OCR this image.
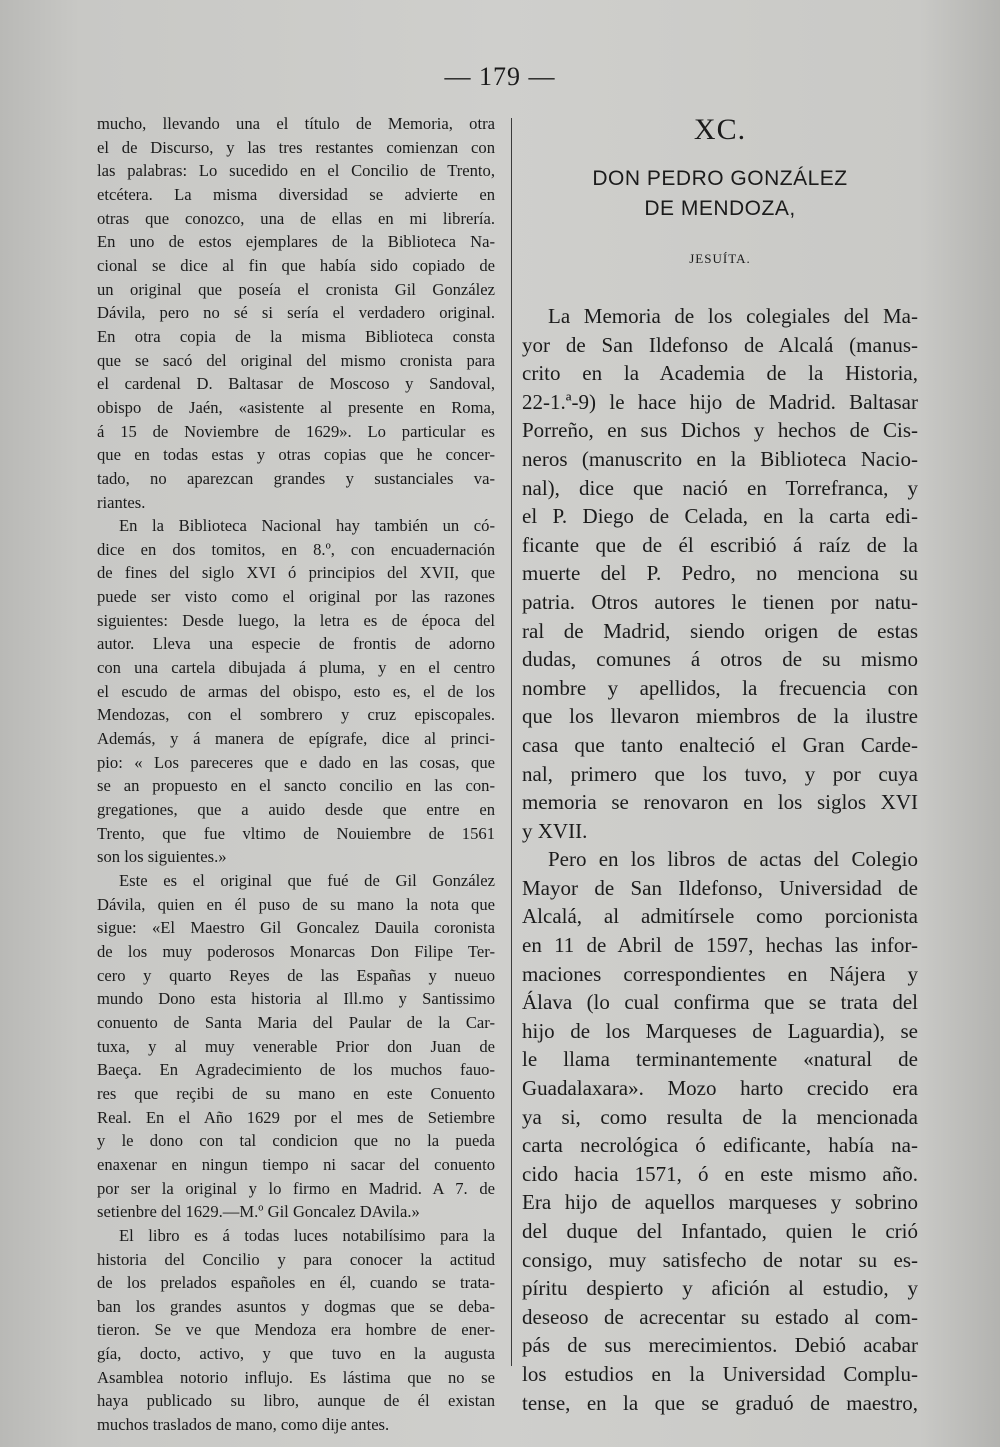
— 179 —
mucho, llevando una el título de Memoria, otra
el de Discurso, y las tres restantes comienzan con
las palabras: Lo sucedido en el Concilio de Trento,
etcétera. La misma diversidad se advierte en
otras que conozco, una de ellas en mi librería.
En uno de estos ejemplares de la Biblioteca Na-
cional se dice al fin que había sido copiado de
un original que poseía el cronista Gil González
Dávila, pero no sé si sería el verdadero original.
En otra copia de la misma Biblioteca consta
que se sacó del original del mismo cronista para
el cardenal D. Baltasar de Moscoso y Sandoval,
obispo de Jaén, «asistente al presente en Roma,
á 15 de Noviembre de 1629». Lo particular es
que en todas estas y otras copias que he concer-
tado, no aparezcan grandes y sustanciales va-
riantes.
En la Biblioteca Nacional hay también un có-
dice en dos tomitos, en 8.º, con encuadernación
de fines del siglo XVI ó principios del XVII, que
puede ser visto como el original por las razones
siguientes: Desde luego, la letra es de época del
autor. Lleva una especie de frontis de adorno
con una cartela dibujada á pluma, y en el centro
el escudo de armas del obispo, esto es, el de los
Mendozas, con el sombrero y cruz episcopales.
Además, y á manera de epígrafe, dice al princi-
pio: « Los pareceres que e dado en las cosas, que
se an propuesto en el sancto concilio en las con-
gregationes, que a auido desde que entre en
Trento, que fue vltimo de Nouiembre de 1561
son los siguientes.»
Este es el original que fué de Gil González
Dávila, quien en él puso de su mano la nota que
sigue: «El Maestro Gil Goncalez Dauila coronista
de los muy poderosos Monarcas Don Filipe Ter-
cero y quarto Reyes de las Españas y nueuo
mundo Dono esta historia al Ill.mo y Santissimo
conuento de Santa Maria del Paular de la Car-
tuxa, y al muy venerable Prior don Juan de
Baeça. En Agradecimiento de los muchos fauo-
res que reçibi de su mano en este Conuento
Real. En el Año 1629 por el mes de Setiembre
y le dono con tal condicion que no la pueda
enaxenar en ningun tiempo ni sacar del conuento
por ser la original y lo firmo en Madrid. A 7. de
setienbre del 1629.—M.º Gil Goncalez DAvila.»
El libro es á todas luces notabilísimo para la
historia del Concilio y para conocer la actitud
de los prelados españoles en él, cuando se trata-
ban los grandes asuntos y dogmas que se deba-
tieron. Se ve que Mendoza era hombre de ener-
gía, docto, activo, y que tuvo en la augusta
Asamblea notorio influjo. Es lástima que no se
haya publicado su libro, aunque de él existan
muchos traslados de mano, como dije antes.
XC.
DON PEDRO GONZÁLEZ
DE MENDOZA,
JESUÍTA.
La Memoria de los colegiales del Ma-
yor de San Ildefonso de Alcalá (manus-
crito en la Academia de la Historia,
22-1.ª-9) le hace hijo de Madrid. Baltasar
Porreño, en sus Dichos y hechos de Cis-
neros (manuscrito en la Biblioteca Nacio-
nal), dice que nació en Torrefranca, y
el P. Diego de Celada, en la carta edi-
ficante que de él escribió á raíz de la
muerte del P. Pedro, no menciona su
patria. Otros autores le tienen por natu-
ral de Madrid, siendo origen de estas
dudas, comunes á otros de su mismo
nombre y apellidos, la frecuencia con
que los llevaron miembros de la ilustre
casa que tanto enalteció el Gran Carde-
nal, primero que los tuvo, y por cuya
memoria se renovaron en los siglos XVI
y XVII.
Pero en los libros de actas del Colegio
Mayor de San Ildefonso, Universidad de
Alcalá, al admitírsele como porcionista
en 11 de Abril de 1597, hechas las infor-
maciones correspondientes en Nájera y
Álava (lo cual confirma que se trata del
hijo de los Marqueses de Laguardia), se
le llama terminantemente «natural de
Guadalaxara». Mozo harto crecido era
ya si, como resulta de la mencionada
carta necrológica ó edificante, había na-
cido hacia 1571, ó en este mismo año.
Era hijo de aquellos marqueses y sobrino
del duque del Infantado, quien le crió
consigo, muy satisfecho de notar su es-
píritu despierto y afición al estudio, y
deseoso de acrecentar su estado al com-
pás de sus merecimientos. Debió acabar
los estudios en la Universidad Complu-
tense, en la que se graduó de maestro,
